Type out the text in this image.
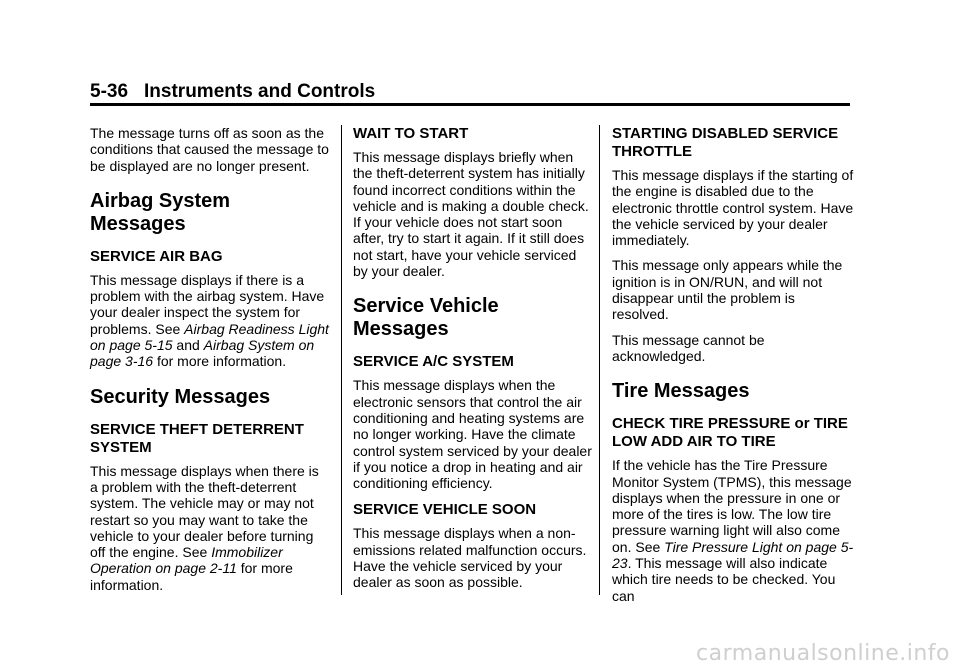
5-36 Instruments and Controls

The message turns off as soon as the conditions that caused the message to be displayed are no longer present.

Airbag System Messages
SERVICE AIR BAG

This message displays if there is a problem with the airbag system. Have your dealer inspect the system for problems. See Airbag Readiness Light on page 5-15 and Airbag System on page 3-16 for more information.

Security Messages
SERVICE THEFT DETERRENT SYSTEM

This message displays when there is a problem with the theft-deterrent system. The vehicle may or may not restart so you may want to take the vehicle to your dealer before turning off the engine. See Immobilizer Operation on page 2-11 for more information.

WAIT TO START

This message displays briefly when the theft-deterrent system has initially found incorrect conditions within the vehicle and is making a double check. If your vehicle does not start soon after, try to start it again. If it still does not start, have your vehicle serviced by your dealer.

Service Vehicle Messages
SERVICE A/C SYSTEM

This message displays when the electronic sensors that control the air conditioning and heating systems are no longer working. Have the climate control system serviced by your dealer if you notice a drop in heating and air conditioning efficiency.

SERVICE VEHICLE SOON

This message displays when a non-emissions related malfunction occurs. Have the vehicle serviced by your dealer as soon as possible.

STARTING DISABLED SERVICE THROTTLE

This message displays if the starting of the engine is disabled due to the electronic throttle control system. Have the vehicle serviced by your dealer immediately.

This message only appears while the ignition is in ON/RUN, and will not disappear until the problem is resolved.

This message cannot be acknowledged.

Tire Messages
CHECK TIRE PRESSURE or TIRE LOW ADD AIR TO TIRE

If the vehicle has the Tire Pressure Monitor System (TPMS), this message displays when the pressure in one or more of the tires is low. The low tire pressure warning light will also come on. See Tire Pressure Light on page 5-23. This message will also indicate which tire needs to be checked. You can

carmanualsonline.info
